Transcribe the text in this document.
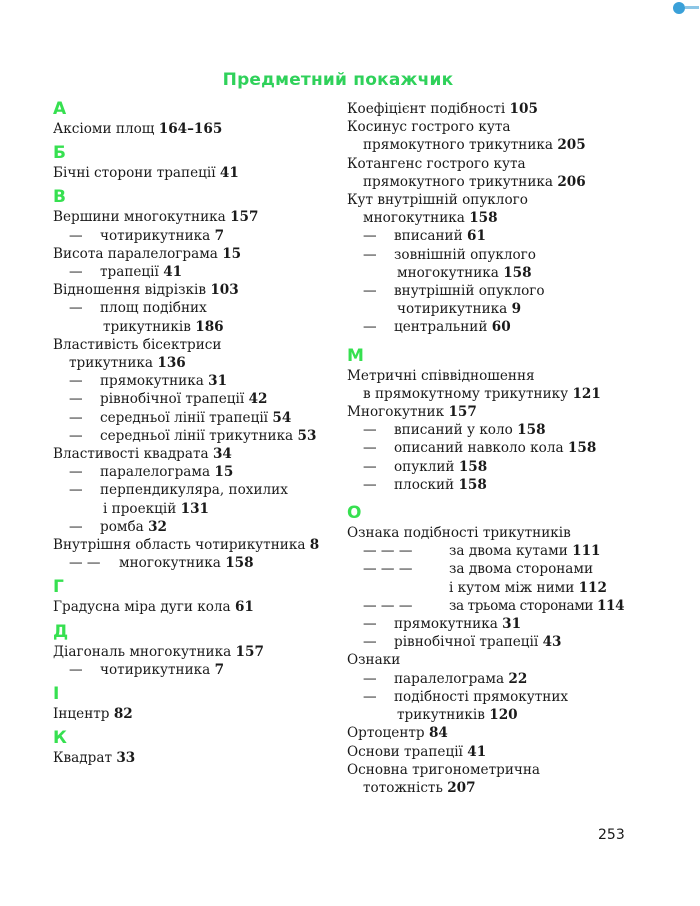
Предметний покажчик
А
Аксіоми площ 164–165
Б
Бічні сторони трапеції 41
В
Вершини многокутника 157
—	чотирикутника 7
Висота паралелограма 15
—	трапеції 41
Відношення відрізків 103
—	площ подібних
трикутників 186
Властивість бісектриси
трикутника 136
—	прямокутника 31
—	рівнобічної трапеції 42
—	середньої лінії трапеції 54
—	середньої лінії трикутника 53
Властивості квадрата 34
—	паралелограма 15
—	перпендикуляра, похилих
і проекцій 131
—	ромба 32
Внутрішня область чотирикутника 8
— —	многокутника 158
Г
Градусна міра дуги кола 61
Д
Діагональ многокутника 157
—	чотирикутника 7
І
Інцентр 82
К
Квадрат 33
Коефіцієнт подібності 105
Косинус гострого кута
прямокутного трикутника 205
Котангенс гострого кута
прямокутного трикутника 206
Кут внутрішній опуклого
многокутника 158
—	вписаний 61
—	зовнішній опуклого
многокутника 158
—	внутрішній опуклого
чотирикутника 9
—	центральний 60
М
Метричні співвідношення
в прямокутному трикутнику 121
Многокутник 157
—	вписаний у коло 158
—	описаний навколо кола 158
—	опуклий 158
—	плоский 158
О
Ознака подібності трикутників
— — —	за двома кутами 111
— — —	за двома сторонами
і кутом між ними 112
— — —	за трьома сторонами 114
—	прямокутника 31
—	рівнобічної трапеції 43
Ознаки
—	паралелограма 22
—	подібності прямокутних
трикутників 120
Ортоцентр 84
Основи трапеції 41
Основна тригонометрична
тотожність 207
253
